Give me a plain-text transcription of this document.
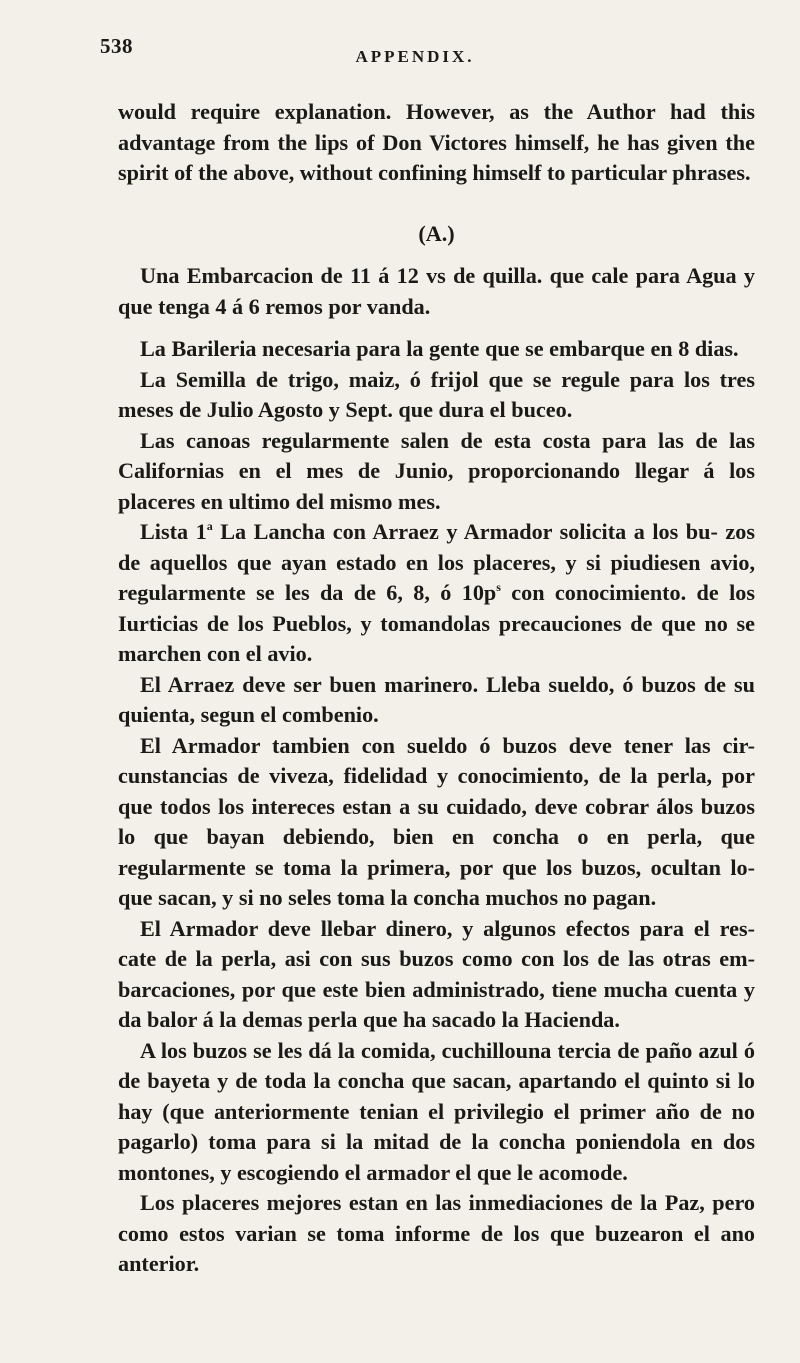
538	APPENDIX.

would require explanation. However, as the Author had this advantage from the lips of Don Victores himself, he has given the spirit of the above, without confining himself to particular phrases.

(A.)

Una Embarcacion de 11 á 12 vs de quilla. que cale para Agua y que tenga 4 á 6 remos por vanda.

La Barileria necesaria para la gente que se embarque en 8 dias.

La Semilla de trigo, maiz, ó frijol que se regule para los tres meses de Julio Agosto y Sept. que dura el buceo.

Las canoas regularmente salen de esta costa para las de las Californias en el mes de Junio, proporcionando llegar á los placeres en ultimo del mismo mes.

Lista 1$^a$ La Lancha con Arraez y Armador solicita a los bu- zos de aquellos que ayan estado en los placeres, y si piudiesen avio, regularmente se les da de 6, 8, ó $10p^s$ con conocimiento. de los Iurticias de los Pueblos, y tomandolas precauciones de que no se marchen con el avio.

El Arraez deve ser buen marinero. Lleba sueldo, ó buzos de su quienta, segun el combenio.

El Armador tambien con sueldo ó buzos deve tener las cir- cunstancias de viveza, fidelidad y conocimiento, de la perla, por que todos los intereces estan a su cuidado, deve cobrar álos buzos lo que bayan debiendo, bien en concha o en perla, que regularmente se toma la primera, por que los buzos, ocultan lo- que sacan, y si no seles toma la concha muchos no pagan.

El Armador deve llebar dinero, y algunos efectos para el res- cate de la perla, asi con sus buzos como con los de las otras em- barcaciones, por que este bien administrado, tiene mucha cuenta y da balor á la demas perla que ha sacado la Hacienda.

A los buzos se les dá la comida, cuchillouna tercia de paño azul ó de bayeta y de toda la concha que sacan, apartando el quinto si lo hay (que anteriormente tenian el privilegio el primer año de no pagarlo) toma para si la mitad de la concha poniendola en dos montones, y escogiendo el armador el que le acomode.

Los placeres mejores estan en las inmediaciones de la Paz, pero como estos varian se toma informe de los que buzearon el ano anterior.
